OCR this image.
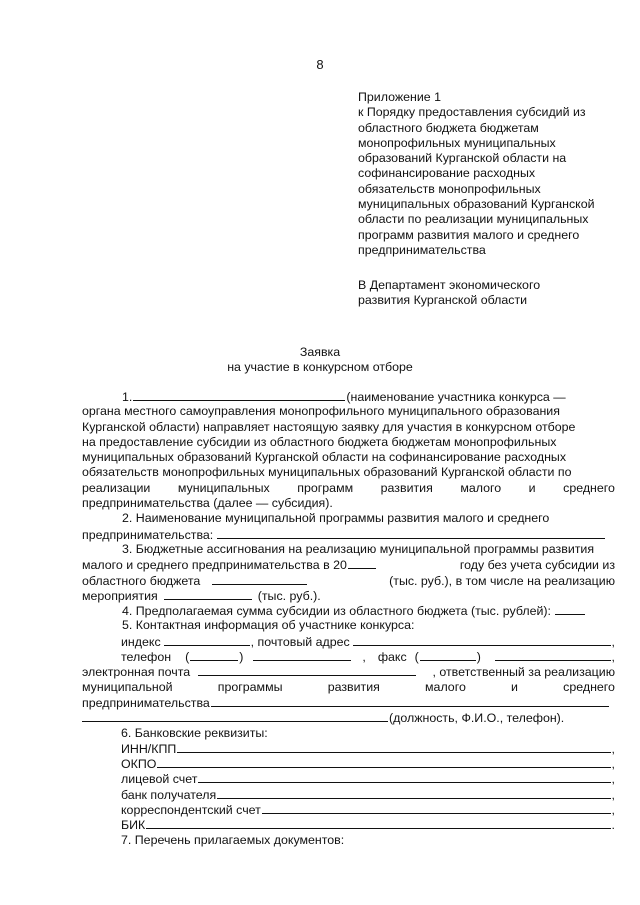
8
Приложение 1
к Порядку предоставления субсидий из
областного бюджета бюджетам
монопрофильных муниципальных
образований Курганской области на
софинансирование расходных
обязательств монопрофильных
муниципальных образований Курганской
области по реализации муниципальных
программ развития малого и среднего
предпринимательства
В Департамент экономического
развития Курганской области
Заявка
на участие в конкурсном отборе
1.	(наименование участника конкурса —
органа местного самоуправления монопрофильного муниципального образования
Курганской области) направляет настоящую заявку для участия в конкурсном отборе
на предоставление субсидии из областного бюджета бюджетам монопрофильных
муниципальных образований Курганской области на софинансирование расходных
обязательств монопрофильных муниципальных образований Курганской области по
реализации муниципальных программ развития малого и среднего
предпринимательства (далее — субсидия).
2. Наименование муниципальной программы развития малого и среднего
предпринимательства:
3. Бюджетные ассигнования на реализацию муниципальной программы развития
малого и среднего предпринимательства в 20	году без учета субсидии из
областного бюджета	(тыс. руб.), в том числе на реализацию
мероприятия	(тыс. руб.).
4. Предполагаемая сумма субсидии из областного бюджета (тыс. рублей):
5. Контактная информация об участнике конкурса:
индекс	, почтовый адрес	,
телефон (	)	, факс (	)	,
электронная почта	, ответственный за реализацию
муниципальной	программы	развития	малого	и	среднего
предпринимательства
(должность, Ф.И.О., телефон).
6. Банковские реквизиты:
ИНН/КПП	,
ОКПО	,
лицевой счет	,
банк получателя	,
корреспондентский счет	,
БИК	.
7. Перечень прилагаемых документов:
